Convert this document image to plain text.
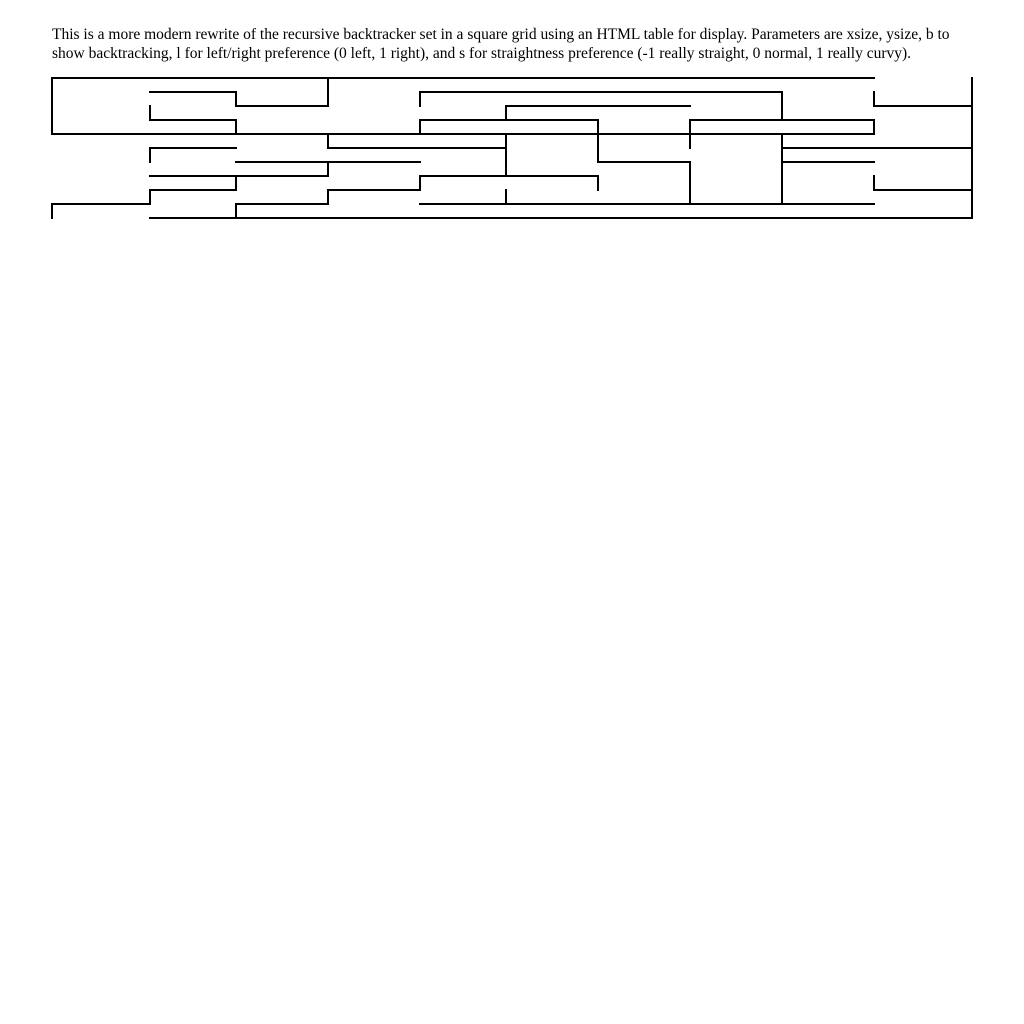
This is a more modern rewrite of the recursive backtracker set in a square grid using an HTML table for display. Parameters are xsize, ysize, b to show backtracking, l for left/right preference (0 left, 1 right), and s for straightness preference (-1 really straight, 0 normal, 1 really curvy).
